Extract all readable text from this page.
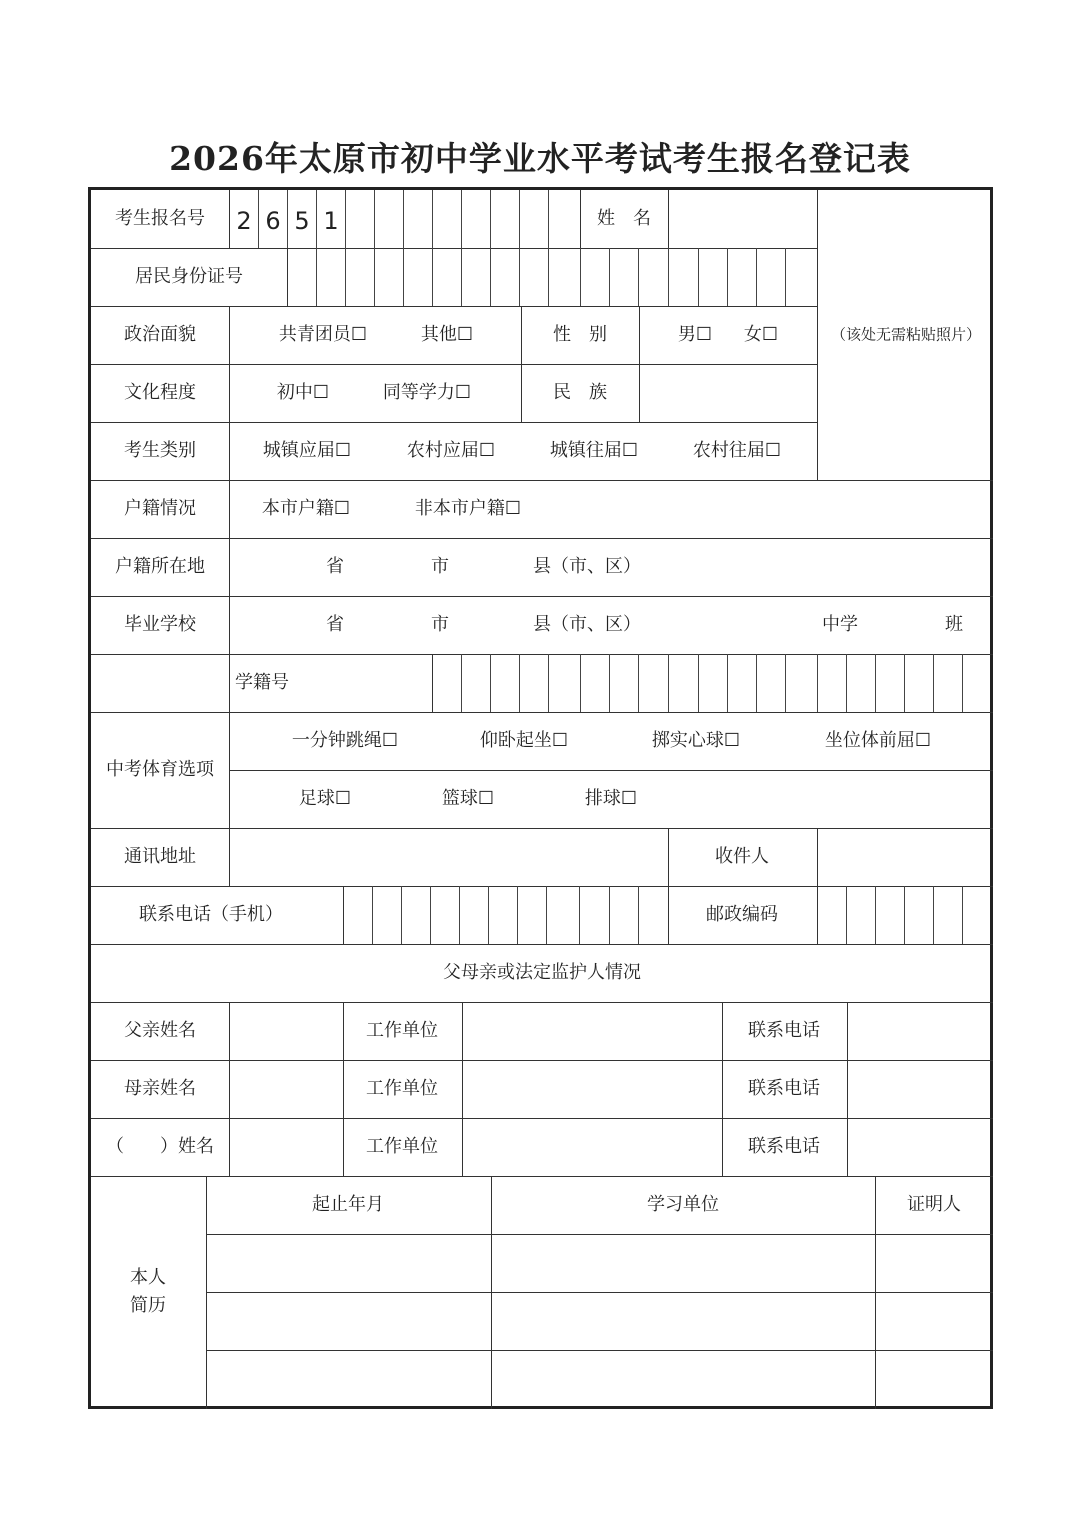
2026年太原市初中学业水平考试考生报名登记表
考生报名号 2 6 5 1	姓　名
居民身份证号
（该处无需粘贴照片）
政治面貌	共青团员☐	其他☐	性　别	男☐ 女☐
文化程度	初中☐	同等学力☐	民　族
考生类别	城镇应届☐	农村应届☐	城镇往届☐	农村往届☐
户籍情况	本市户籍☐	非本市户籍☐
户籍所在地	省	市	县（市、区）
毕业学校	省	市	县（市、区）	中学	班
学籍号
中考体育选项
一分钟跳绳☐	仰卧起坐☐	掷实心球☐	坐位体前屈☐
足球☐	篮球☐	排球☐
通讯地址	收件人
联系电话（手机）	邮政编码
父母亲或法定监护人情况
父亲姓名	工作单位	联系电话
母亲姓名	工作单位	联系电话
（　　）姓名	工作单位	联系电话
本人
简历
起止年月	学习单位	证明人
